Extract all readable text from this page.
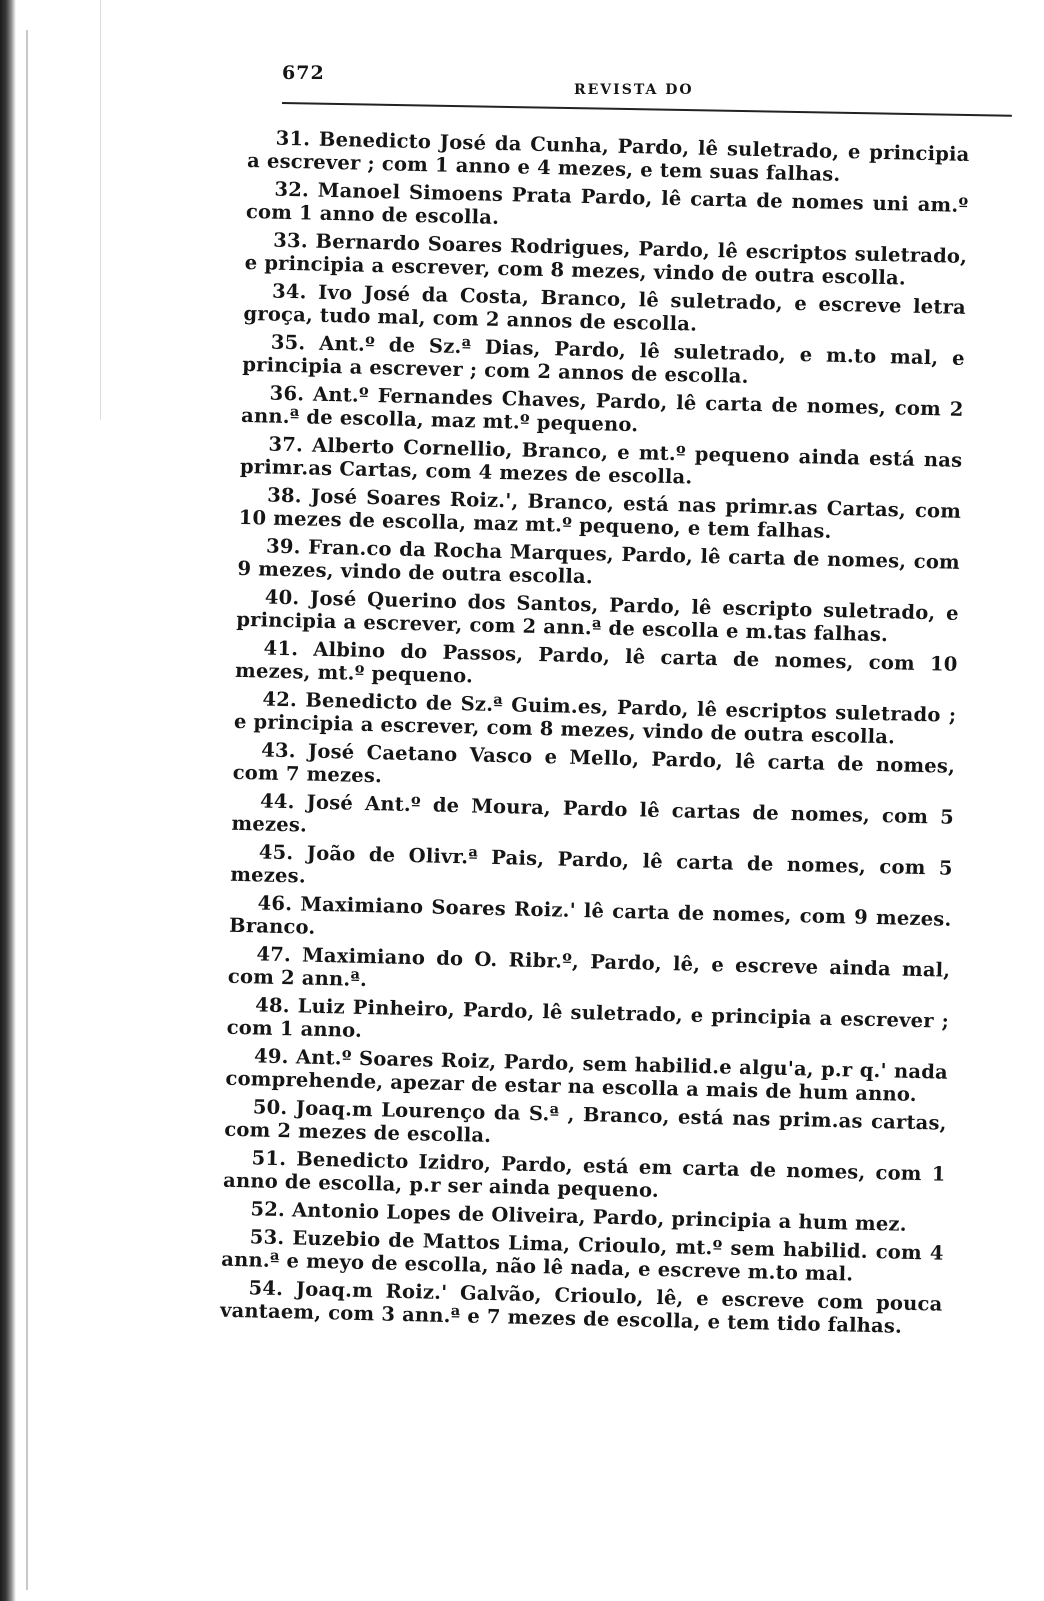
672
REVISTA DO

31. Benedicto José da Cunha, Pardo, lê suletrado, e principia a escrever ; com 1 anno e 4 mezes, e tem suas falhas.

32. Manoel Simoens Prata Pardo, lê carta de nomes uni am.º com 1 anno de escolla.

33. Bernardo Soares Rodrigues, Pardo, lê escriptos suletrado, e principia a escrever, com 8 mezes, vindo de outra escolla.

34. Ivo José da Costa, Branco, lê suletrado, e escreve letra groça, tudo mal, com 2 annos de escolla.

35. Ant.º de Sz.ª Dias, Pardo, lê suletrado, e m.to mal, e principia a escrever ; com 2 annos de escolla.

36. Ant.º Fernandes Chaves, Pardo, lê carta de nomes, com 2 ann.ª de escolla, maz mt.º pequeno.

37. Alberto Cornellio, Branco, e mt.º pequeno ainda está nas primr.as Cartas, com 4 mezes de escolla.

38. José Soares Roiz.', Branco, está nas primr.as Cartas, com 10 mezes de escolla, maz mt.º pequeno, e tem falhas.

39. Fran.co da Rocha Marques, Pardo, lê carta de nomes, com 9 mezes, vindo de outra escolla.

40. José Querino dos Santos, Pardo, lê escripto suletrado, e principia a escrever, com 2 ann.ª de escolla e m.tas falhas.

41. Albino do Passos, Pardo, lê carta de nomes, com 10 mezes, mt.º pequeno.

42. Benedicto de Sz.ª Guim.es, Pardo, lê escriptos suletrado ; e principia a escrever, com 8 mezes, vindo de outra escolla.

43. José Caetano Vasco e Mello, Pardo, lê carta de nomes, com 7 mezes.

44. José Ant.º de Moura, Pardo lê cartas de nomes, com 5 mezes.

45. João de Olivr.ª Pais, Pardo, lê carta de nomes, com 5 mezes.

46. Maximiano Soares Roiz.' lê carta de nomes, com 9 mezes. Branco.

47. Maximiano do O. Ribr.º, Pardo, lê, e escreve ainda mal, com 2 ann.ª.

48. Luiz Pinheiro, Pardo, lê suletrado, e principia a escrever ; com 1 anno.

49. Ant.º Soares Roiz, Pardo, sem habilid.e algu'a, p.r q.' nada comprehende, apezar de estar na escolla a mais de hum anno.

50. Joaq.m Lourenço da S.ª , Branco, está nas prim.as cartas, com 2 mezes de escolla.

51. Benedicto Izidro, Pardo, está em carta de nomes, com 1 anno de escolla, p.r ser ainda pequeno.

52. Antonio Lopes de Oliveira, Pardo, principia a hum mez.

53. Euzebio de Mattos Lima, Crioulo, mt.º sem habilid. com 4 ann.ª e meyo de escolla, não lê nada, e escreve m.to mal.

54. Joaq.m Roiz.' Galvão, Crioulo, lê, e escreve com pouca vantaem, com 3 ann.ª e 7 mezes de escolla, e tem tido falhas.
